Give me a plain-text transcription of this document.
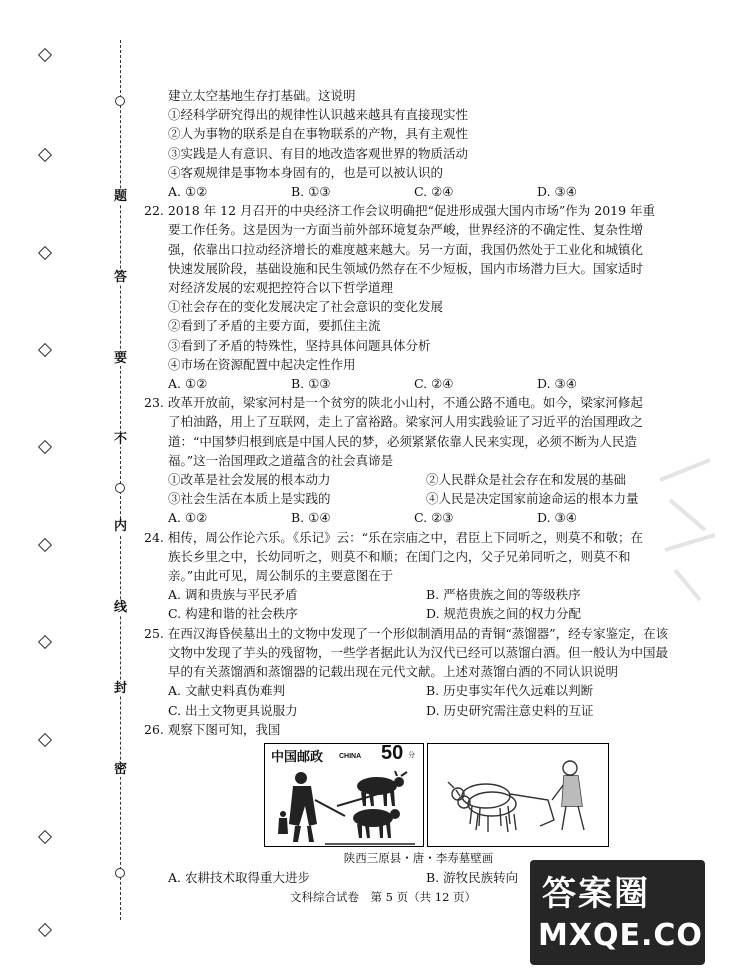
题
答
要
不
内
线
封
密
建立太空基地生存打基础。这说明
①经科学研究得出的规律性认识越来越具有直接现实性
②人为事物的联系是自在事物联系的产物，具有主观性
③实践是人有意识、有目的地改造客观世界的物质活动
④客观规律是事物本身固有的，也是可以被认识的
A. ①②	B. ①③	C. ②④	D. ③④
22. 2018 年 12 月召开的中央经济工作会议明确把“促进形成强大国内市场”作为 2019 年重
要工作任务。这是因为一方面当前外部环境复杂严峻，世界经济的不确定性、复杂性增
强，依靠出口拉动经济增长的难度越来越大。另一方面，我国仍然处于工业化和城镇化
快速发展阶段，基础设施和民生领域仍然存在不少短板，国内市场潜力巨大。国家适时
对经济发展的宏观把控符合以下哲学道理
①社会存在的变化发展决定了社会意识的变化发展
②看到了矛盾的主要方面，要抓住主流
③看到了矛盾的特殊性，坚持具体问题具体分析
④市场在资源配置中起决定性作用
A. ①②	B. ①③	C. ②④	D. ③④
23. 改革开放前，梁家河村是一个贫穷的陕北小山村，不通公路不通电。如今，梁家河修起
了柏油路，用上了互联网，走上了富裕路。梁家河人用实践验证了习近平的治国理政之
道：“中国梦归根到底是中国人民的梦，必须紧紧依靠人民来实现，必须不断为人民造
福。”这一治国理政之道蕴含的社会真谛是
①改革是社会发展的根本动力	②人民群众是社会存在和发展的基础
③社会生活在本质上是实践的	④人民是决定国家前途命运的根本力量
A. ①②	B. ①④	C. ②③	D. ③④
24. 相传，周公作论六乐。《乐记》云：“乐在宗庙之中，君臣上下同听之，则莫不和敬；在
族长乡里之中，长幼同听之，则莫不和顺；在闺门之内，父子兄弟同听之，则莫不和
亲。”由此可见，周公制乐的主要意图在于
A. 调和贵族与平民矛盾	B. 严格贵族之间的等级秩序
C. 构建和谐的社会秩序	D. 规范贵族之间的权力分配
25. 在西汉海昏侯墓出土的文物中发现了一个形似制酒用品的青铜“蒸馏器”，经专家鉴定，在该
文物中发现了芋头的残留物，一些学者据此认为汉代已经可以蒸馏白酒。但一般认为中国最
早的有关蒸馏酒和蒸馏器的记载出现在元代文献。上述对蒸馏白酒的不同认识说明
A. 文献史料真伪难判	B. 历史事实年代久远难以判断
C. 出土文物更具说服力	D. 历史研究需注意史料的互证
26. 观察下图可知，我国
中国邮政 CHINA 50 分
陕西三原县・唐・李寿墓壁画
A. 农耕技术取得重大进步	B. 游牧民族转向
文科综合试卷　第 5 页（共 12 页） 答案圈
MXQE.COM
